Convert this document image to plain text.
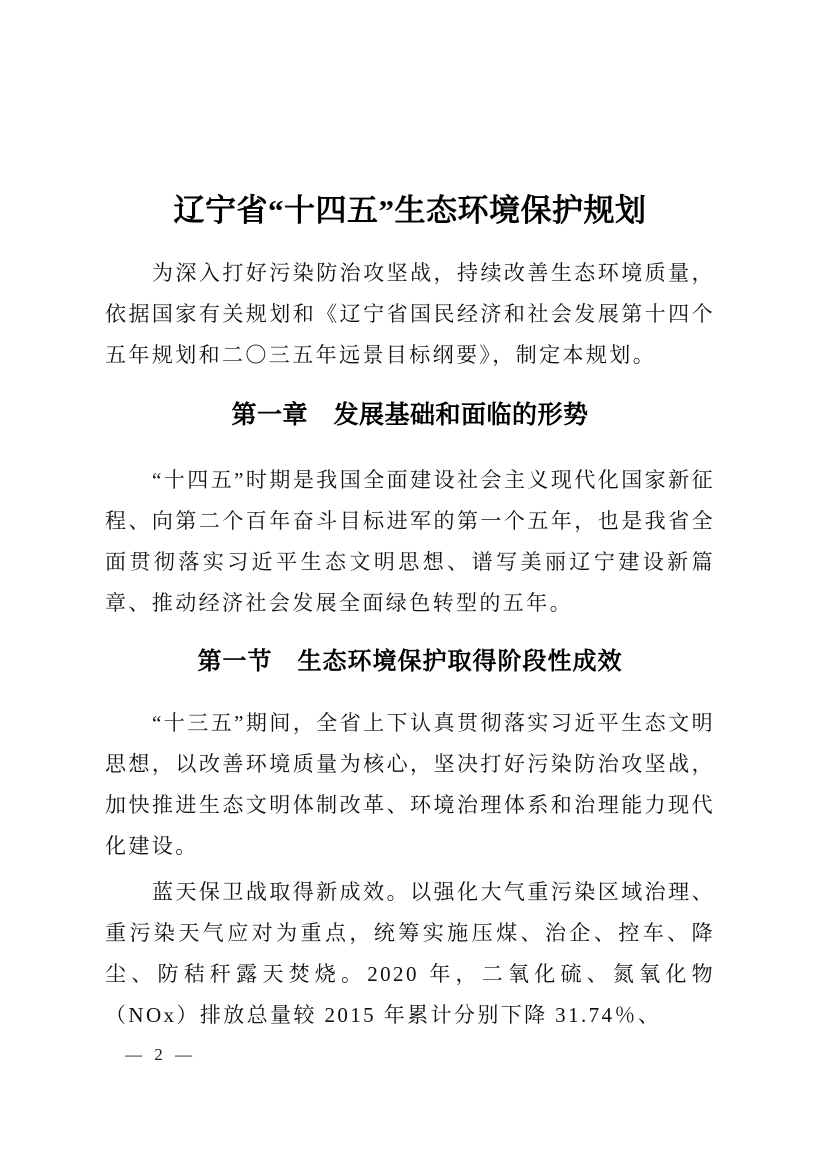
辽宁省“十四五”生态环境保护规划

为深入打好污染防治攻坚战，持续改善生态环境质量，依据国家有关规划和《辽宁省国民经济和社会发展第十四个五年规划和二〇三五年远景目标纲要》，制定本规划。

第一章　发展基础和面临的形势

“十四五”时期是我国全面建设社会主义现代化国家新征程、向第二个百年奋斗目标进军的第一个五年，也是我省全面贯彻落实习近平生态文明思想、谱写美丽辽宁建设新篇章、推动经济社会发展全面绿色转型的五年。

第一节　生态环境保护取得阶段性成效

“十三五”期间，全省上下认真贯彻落实习近平生态文明思想，以改善环境质量为核心，坚决打好污染防治攻坚战，加快推进生态文明体制改革、环境治理体系和治理能力现代化建设。

蓝天保卫战取得新成效。以强化大气重污染区域治理、重污染天气应对为重点，统筹实施压煤、治企、控车、降尘、防秸秆露天焚烧。2020 年，二氧化硫、氮氧化物（NOx）排放总量较 2015 年累计分别下降 31.74％、

— 2 —
